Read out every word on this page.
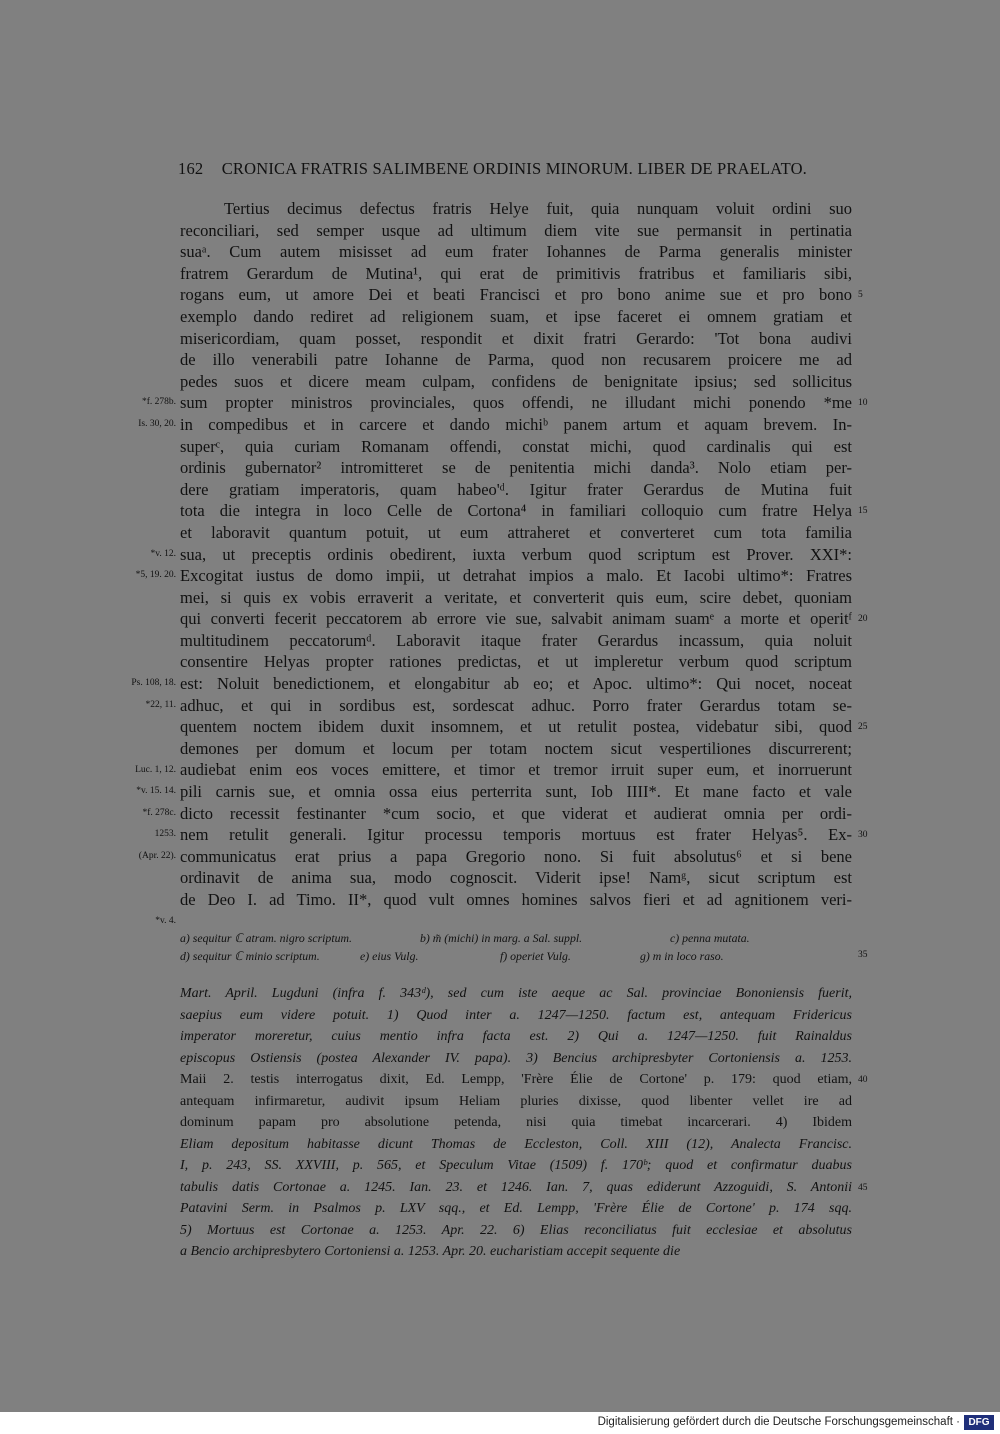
162 CRONICA FRATRIS SALIMBENE ORDINIS MINORUM. LIBER DE PRAELATO.
Tertius decimus defectus fratris Helye fuit, quia nunquam voluit ordini suo
reconciliari, sed semper usque ad ultimum diem vite sue permansit in pertinatia
suaᵃ. Cum autem misisset ad eum frater Iohannes de Parma generalis minister
fratrem Gerardum de Mutina¹, qui erat de primitivis fratribus et familiaris sibi,
rogans eum, ut amore Dei et beati Francisci et pro bono anime sue et pro bono
exemplo dando rediret ad religionem suam, et ipse faceret ei omnem gratiam et
misericordiam, quam posset, respondit et dixit fratri Gerardo: 'Tot bona audivi
de illo venerabili patre Iohanne de Parma, quod non recusarem proicere me ad
pedes suos et dicere meam culpam, confidens de benignitate ipsius; sed sollicitus
sum propter ministros provinciales, quos offendi, ne illudant michi ponendo *me
in compedibus et in carcere et dando michiᵇ panem artum et aquam brevem. In-
superᶜ, quia curiam Romanam offendi, constat michi, quod cardinalis qui est
ordinis gubernator² intromitteret se de penitentia michi danda³. Nolo etiam per-
dere gratiam imperatoris, quam habeo'ᵈ. Igitur frater Gerardus de Mutina fuit
tota die integra in loco Celle de Cortona⁴ in familiari colloquio cum fratre Helya
et laboravit quantum potuit, ut eum attraheret et converteret cum tota familia
sua, ut preceptis ordinis obedirent, iuxta verbum quod scriptum est Prover. XXI*:
Excogitat iustus de domo impii, ut detrahat impios a malo. Et Iacobi ultimo*: Fratres
mei, si quis ex vobis erraverit a veritate, et converterit quis eum, scire debet, quoniam
qui converti fecerit peccatorem ab errore vie sue, salvabit animam suamᵉ a morte et operitᶠ
multitudinem peccatorumᵈ. Laboravit itaque frater Gerardus incassum, quia noluit
consentire Helyas propter rationes predictas, et ut impleretur verbum quod scriptum
est: Noluit benedictionem, et elongabitur ab eo; et Apoc. ultimo*: Qui nocet, noceat
adhuc, et qui in sordibus est, sordescat adhuc. Porro frater Gerardus totam se-
quentem noctem ibidem duxit insomnem, et ut retulit postea, videbatur sibi, quod
demones per domum et locum per totam noctem sicut vespertiliones discurrerent;
audiebat enim eos voces emittere, et timor et tremor irruit super eum, et inorruerunt
pili carnis sue, et omnia ossa eius perterrita sunt, Iob IIII*. Et mane facto et vale
dicto recessit festinanter *cum socio, et que viderat et audierat omnia per ordi-
nem retulit generali. Igitur processu temporis mortuus est frater Helyas⁵. Ex-
communicatus erat prius a papa Gregorio nono. Si fuit absolutus⁶ et si bene
ordinavit de anima sua, modo cognoscit. Viderit ipse! Namᵍ, sicut scriptum est
de Deo I. ad Timo. II*, quod vult omnes homines salvos fieri et ad agnitionem veri-
*f. 278b.
Is. 30, 20.
*v. 12.
*5, 19. 20.
Ps. 108, 18.
*22, 11.
Luc. 1, 12.
*v. 15. 14.
*f. 278c.
1253.
(Apr. 22).
*v. 4.
5
10
15
20
25
30
40
45
a) sequitur ℂ atram. nigro scriptum.	b) m̃ (michi) in marg. a Sal. suppl.	c) penna mutata.
d) sequitur ℂ minio scriptum.	e) eius Vulg.	f) operiet Vulg.	g) m in loco raso.	35
Mart. April. Lugduni (infra f. 343ᵈ), sed cum iste aeque ac Sal. provinciae Bononiensis fuerit,
saepius eum videre potuit. 1) Quod inter a. 1247—1250. factum est, antequam Fridericus
imperator moreretur, cuius mentio infra facta est. 2) Qui a. 1247—1250. fuit Rainaldus
episcopus Ostiensis (postea Alexander IV. papa). 3) Bencius archipresbyter Cortoniensis a. 1253.
Maii 2. testis interrogatus dixit, Ed. Lempp, 'Frère Élie de Cortone' p. 179: quod etiam,
antequam infirmaretur, audivit ipsum Heliam pluries dixisse, quod libenter vellet ire ad
dominum papam pro absolutione petenda, nisi quia timebat incarcerari. 4) Ibidem
Eliam depositum habitasse dicunt Thomas de Eccleston, Coll. XIII (12), Analecta Francisc.
I, p. 243, SS. XXVIII, p. 565, et Speculum Vitae (1509) f. 170ᵇ; quod et confirmatur duabus
tabulis datis Cortonae a. 1245. Ian. 23. et 1246. Ian. 7, quas ediderunt Azzoguidi, S. Antonii
Patavini Serm. in Psalmos p. LXV sqq., et Ed. Lempp, 'Frère Élie de Cortone' p. 174 sqq.
5) Mortuus est Cortonae a. 1253. Apr. 22. 6) Elias reconciliatus fuit ecclesiae et absolutus
a Bencio archipresbytero Cortoniensi a. 1253. Apr. 20. eucharistiam accepit sequente die
Digitalisierung gefördert durch die Deutsche Forschungsgemeinschaft · DFG
